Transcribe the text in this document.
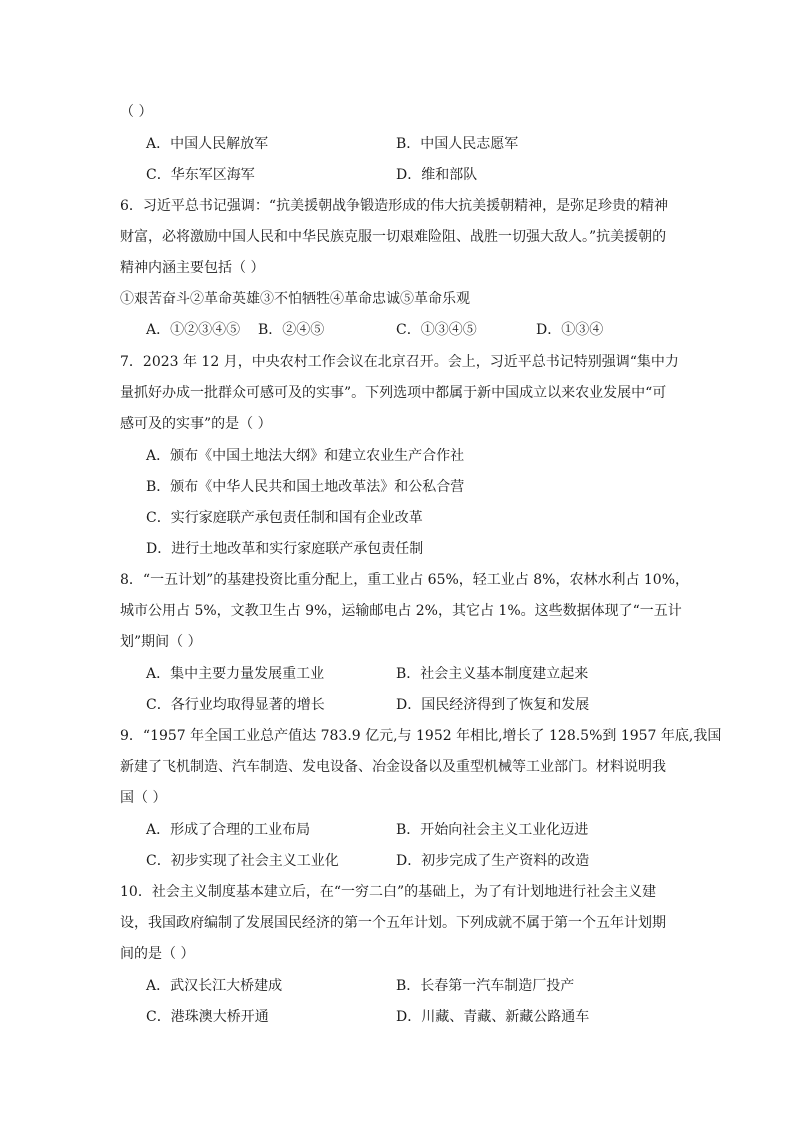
（ ）
A．中国人民解放军	B．中国人民志愿军
C．华东军区海军	D．维和部队
6．习近平总书记强调：“抗美援朝战争锻造形成的伟大抗美援朝精神，是弥足珍贵的精神
财富，必将激励中国人民和中华民族克服一切艰难险阻、战胜一切强大敌人。”抗美援朝的
精神内涵主要包括（ ）
①艰苦奋斗②革命英雄③不怕牺牲④革命忠诚⑤革命乐观
A．①②③④⑤ B．②④⑤	C．①③④⑤	D．①③④
7．2023 年 12 月，中央农村工作会议在北京召开。会上，习近平总书记特别强调“集中力
量抓好办成一批群众可感可及的实事”。下列选项中都属于新中国成立以来农业发展中“可
感可及的实事”的是（ ）
A．颁布《中国土地法大纲》和建立农业生产合作社
B．颁布《中华人民共和国土地改革法》和公私合营
C．实行家庭联产承包责任制和国有企业改革
D．进行土地改革和实行家庭联产承包责任制
8．“一五计划”的基建投资比重分配上，重工业占 65%，轻工业占 8%，农林水利占 10%，
城市公用占 5%，文教卫生占 9%，运输邮电占 2%，其它占 1%。这些数据体现了“一五计
划”期间（ ）
A．集中主要力量发展重工业	B．社会主义基本制度建立起来
C．各行业均取得显著的增长	D．国民经济得到了恢复和发展
9．“1957 年全国工业总产值达 783.9 亿元,与 1952 年相比,增长了 128.5%到 1957 年底,我国
新建了飞机制造、汽车制造、发电设备、冶金设备以及重型机械等工业部门。材料说明我
国（ ）
A．形成了合理的工业布局	B．开始向社会主义工业化迈进
C．初步实现了社会主义工业化	D．初步完成了生产资料的改造
10．社会主义制度基本建立后，在“一穷二白”的基础上，为了有计划地进行社会主义建
设，我国政府编制了发展国民经济的第一个五年计划。下列成就不属于第一个五年计划期
间的是（ ）
A．武汉长江大桥建成	B．长春第一汽车制造厂投产
C．港珠澳大桥开通	D．川藏、青藏、新藏公路通车
